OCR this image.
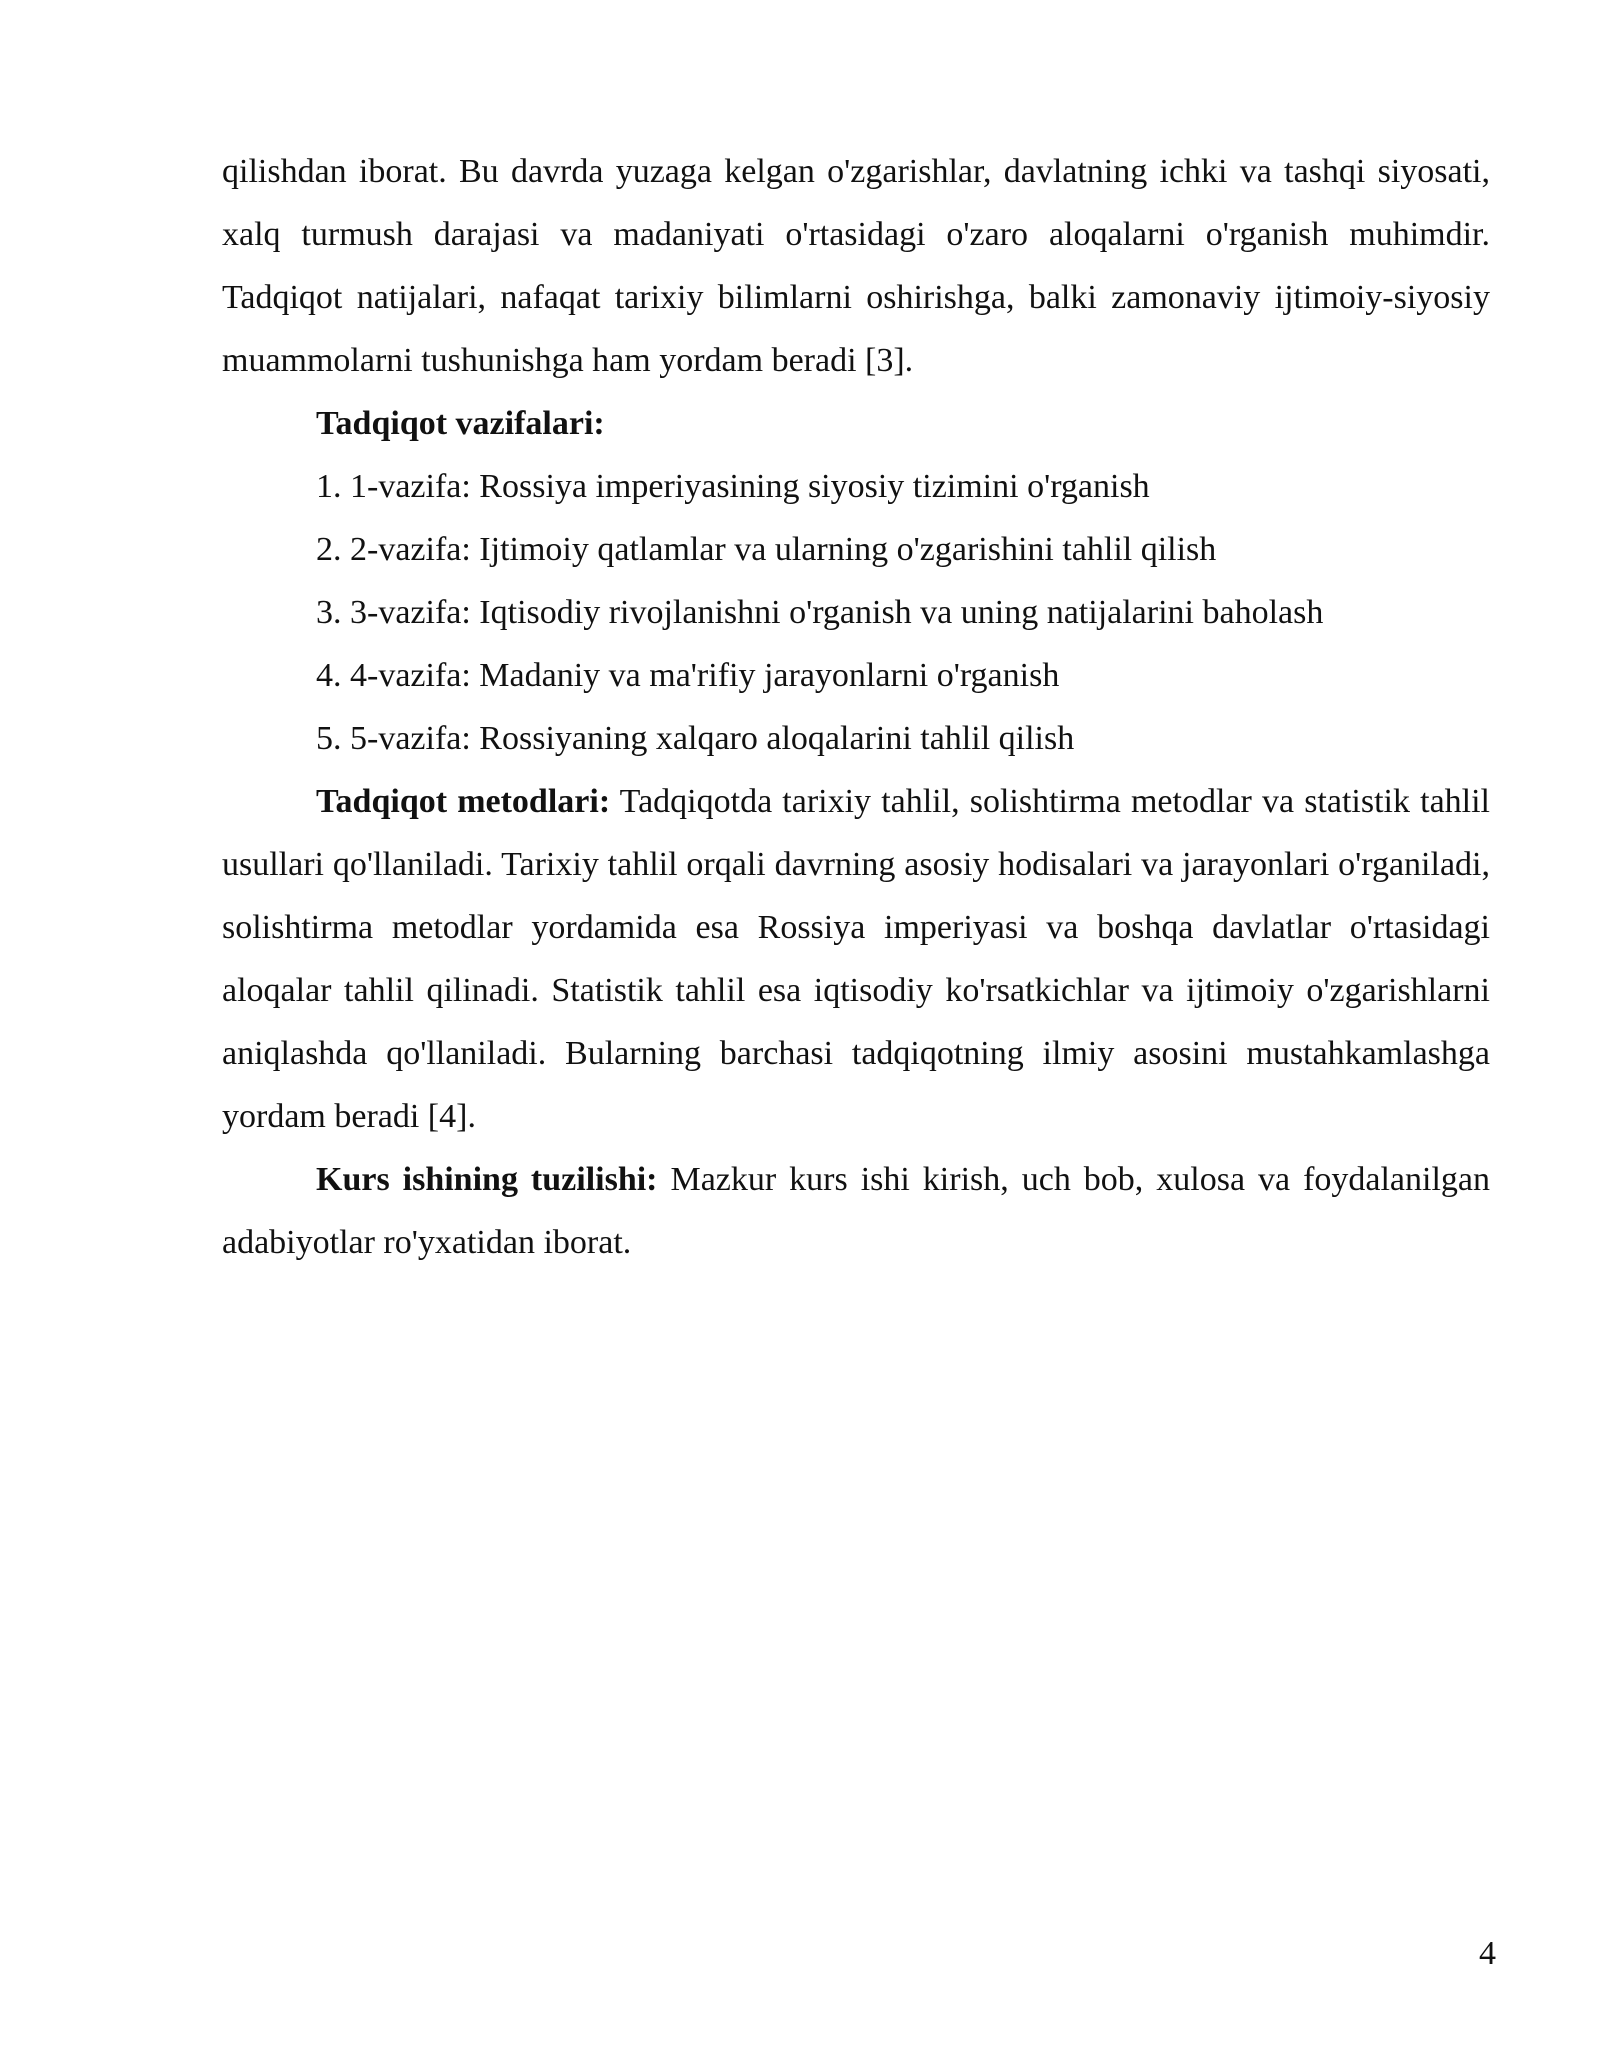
qilishdan iborat. Bu davrda yuzaga kelgan o'zgarishlar, davlatning ichki va tashqi siyosati, xalq turmush darajasi va madaniyati o'rtasidagi o'zaro aloqalarni o'rganish muhimdir. Tadqiqot natijalari, nafaqat tarixiy bilimlarni oshirishga, balki zamonaviy ijtimoiy-siyosiy muammolarni tushunishga ham yordam beradi [3].

Tadqiqot vazifalari:

1. 1-vazifa: Rossiya imperiyasining siyosiy tizimini o'rganish
2. 2-vazifa: Ijtimoiy qatlamlar va ularning o'zgarishini tahlil qilish
3. 3-vazifa: Iqtisodiy rivojlanishni o'rganish va uning natijalarini baholash
4. 4-vazifa: Madaniy va ma'rifiy jarayonlarni o'rganish
5. 5-vazifa: Rossiyaning xalqaro aloqalarini tahlil qilish

Tadqiqot metodlari: Tadqiqotda tarixiy tahlil, solishtirma metodlar va statistik tahlil usullari qo'llaniladi. Tarixiy tahlil orqali davrning asosiy hodisalari va jarayonlari o'rganiladi, solishtirma metodlar yordamida esa Rossiya imperiyasi va boshqa davlatlar o'rtasidagi aloqalar tahlil qilinadi. Statistik tahlil esa iqtisodiy ko'rsatkichlar va ijtimoiy o'zgarishlarni aniqlashda qo'llaniladi. Bularning barchasi tadqiqotning ilmiy asosini mustahkamlashga yordam beradi [4].

Kurs ishining tuzilishi: Mazkur kurs ishi kirish, uch bob, xulosa va foydalanilgan adabiyotlar ro'yxatidan iborat.

4
